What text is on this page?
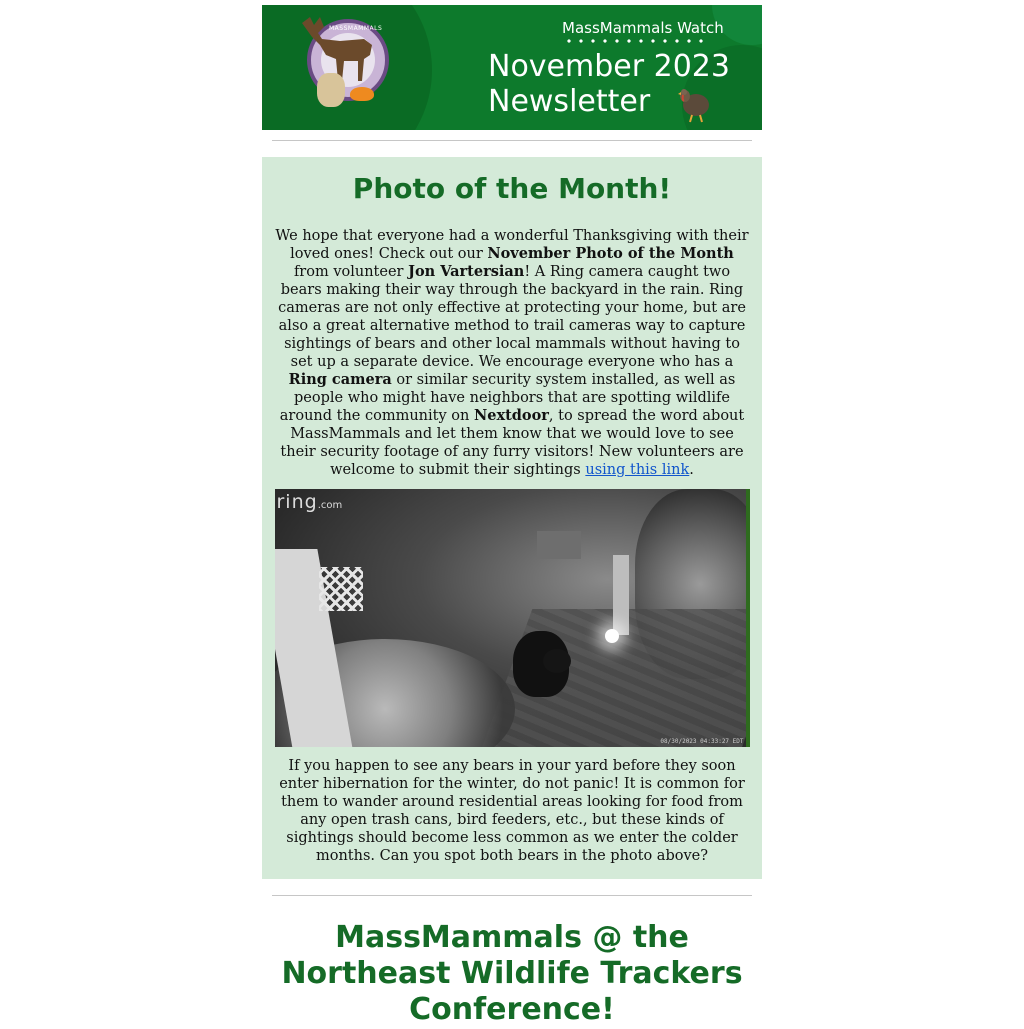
MASSMAMMALS	MassMammals Watch
November 2023
Newsletter
Photo of the Month!

We hope that everyone had a wonderful Thanksgiving with their loved ones! Check out our November Photo of the Month from volunteer Jon Vartersian! A Ring camera caught two bears making their way through the backyard in the rain. Ring cameras are not only effective at protecting your home, but are also a great alternative method to trail cameras way to capture sightings of bears and other local mammals without having to set up a separate device. We encourage everyone who has a Ring camera or similar security system installed, as well as people who might have neighbors that are spotting wildlife around the community on Nextdoor, to spread the word about MassMammals and let them know that we would love to see their security footage of any furry visitors! New volunteers are welcome to submit their sightings using this link.

ring.com
08/30/2023 04:33:27 EDT

If you happen to see any bears in your yard before they soon enter hibernation for the winter, do not panic! It is common for them to wander around residential areas looking for food from any open trash cans, bird feeders, etc., but these kinds of sightings should become less common as we enter the colder months. Can you spot both bears in the photo above?

MassMammals @ the Northeast Wildlife Trackers Conference!
